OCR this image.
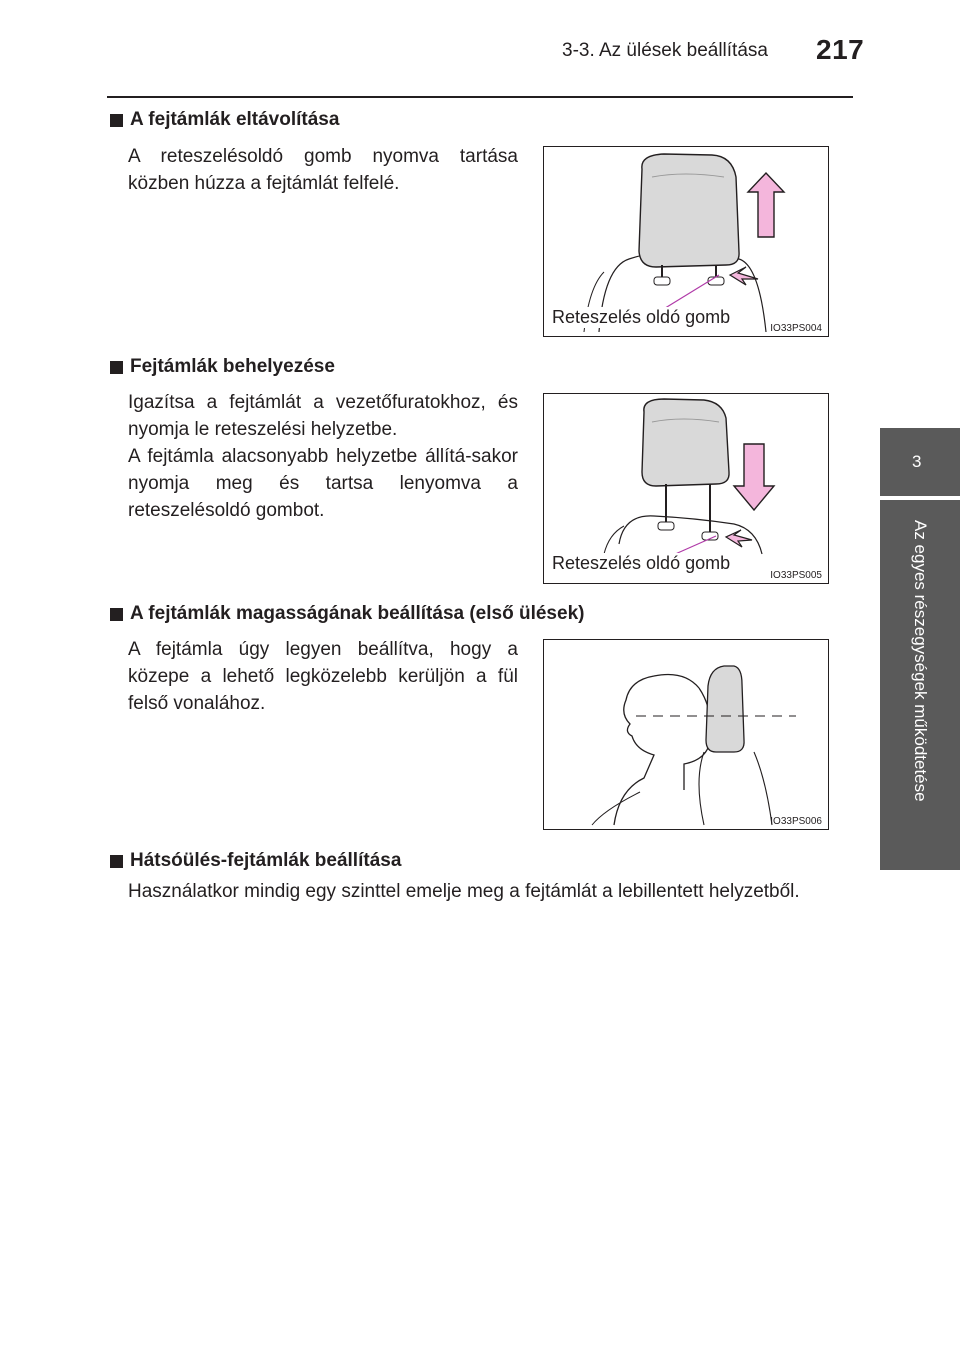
3-3. Az ülések beállítása 217
3
Az egyes részegységek működtetése
A fejtámlák eltávolítása

A reteszelésoldó gomb nyomva tartása közben húzza a fejtámlát felfelé.

Reteszelés oldó gomb
IO33PS004
Fejtámlák behelyezése

Igazítsa a fejtámlát a vezetőfuratokhoz, és nyomja le reteszelési helyzetbe.

A fejtámla alacsonyabb helyzetbe állítá-sakor nyomja meg és tartsa lenyomva a reteszelésoldó gombot.

Reteszelés oldó gomb
IO33PS005
A fejtámlák magasságának beállítása (első ülések)

A fejtámla úgy legyen beállítva, hogy a közepe a lehető legközelebb kerüljön a fül felső vonalához.

IO33PS006
Hátsóülés-fejtámlák beállítása

Használatkor mindig egy szinttel emelje meg a fejtámlát a lebillentett helyzetből.
